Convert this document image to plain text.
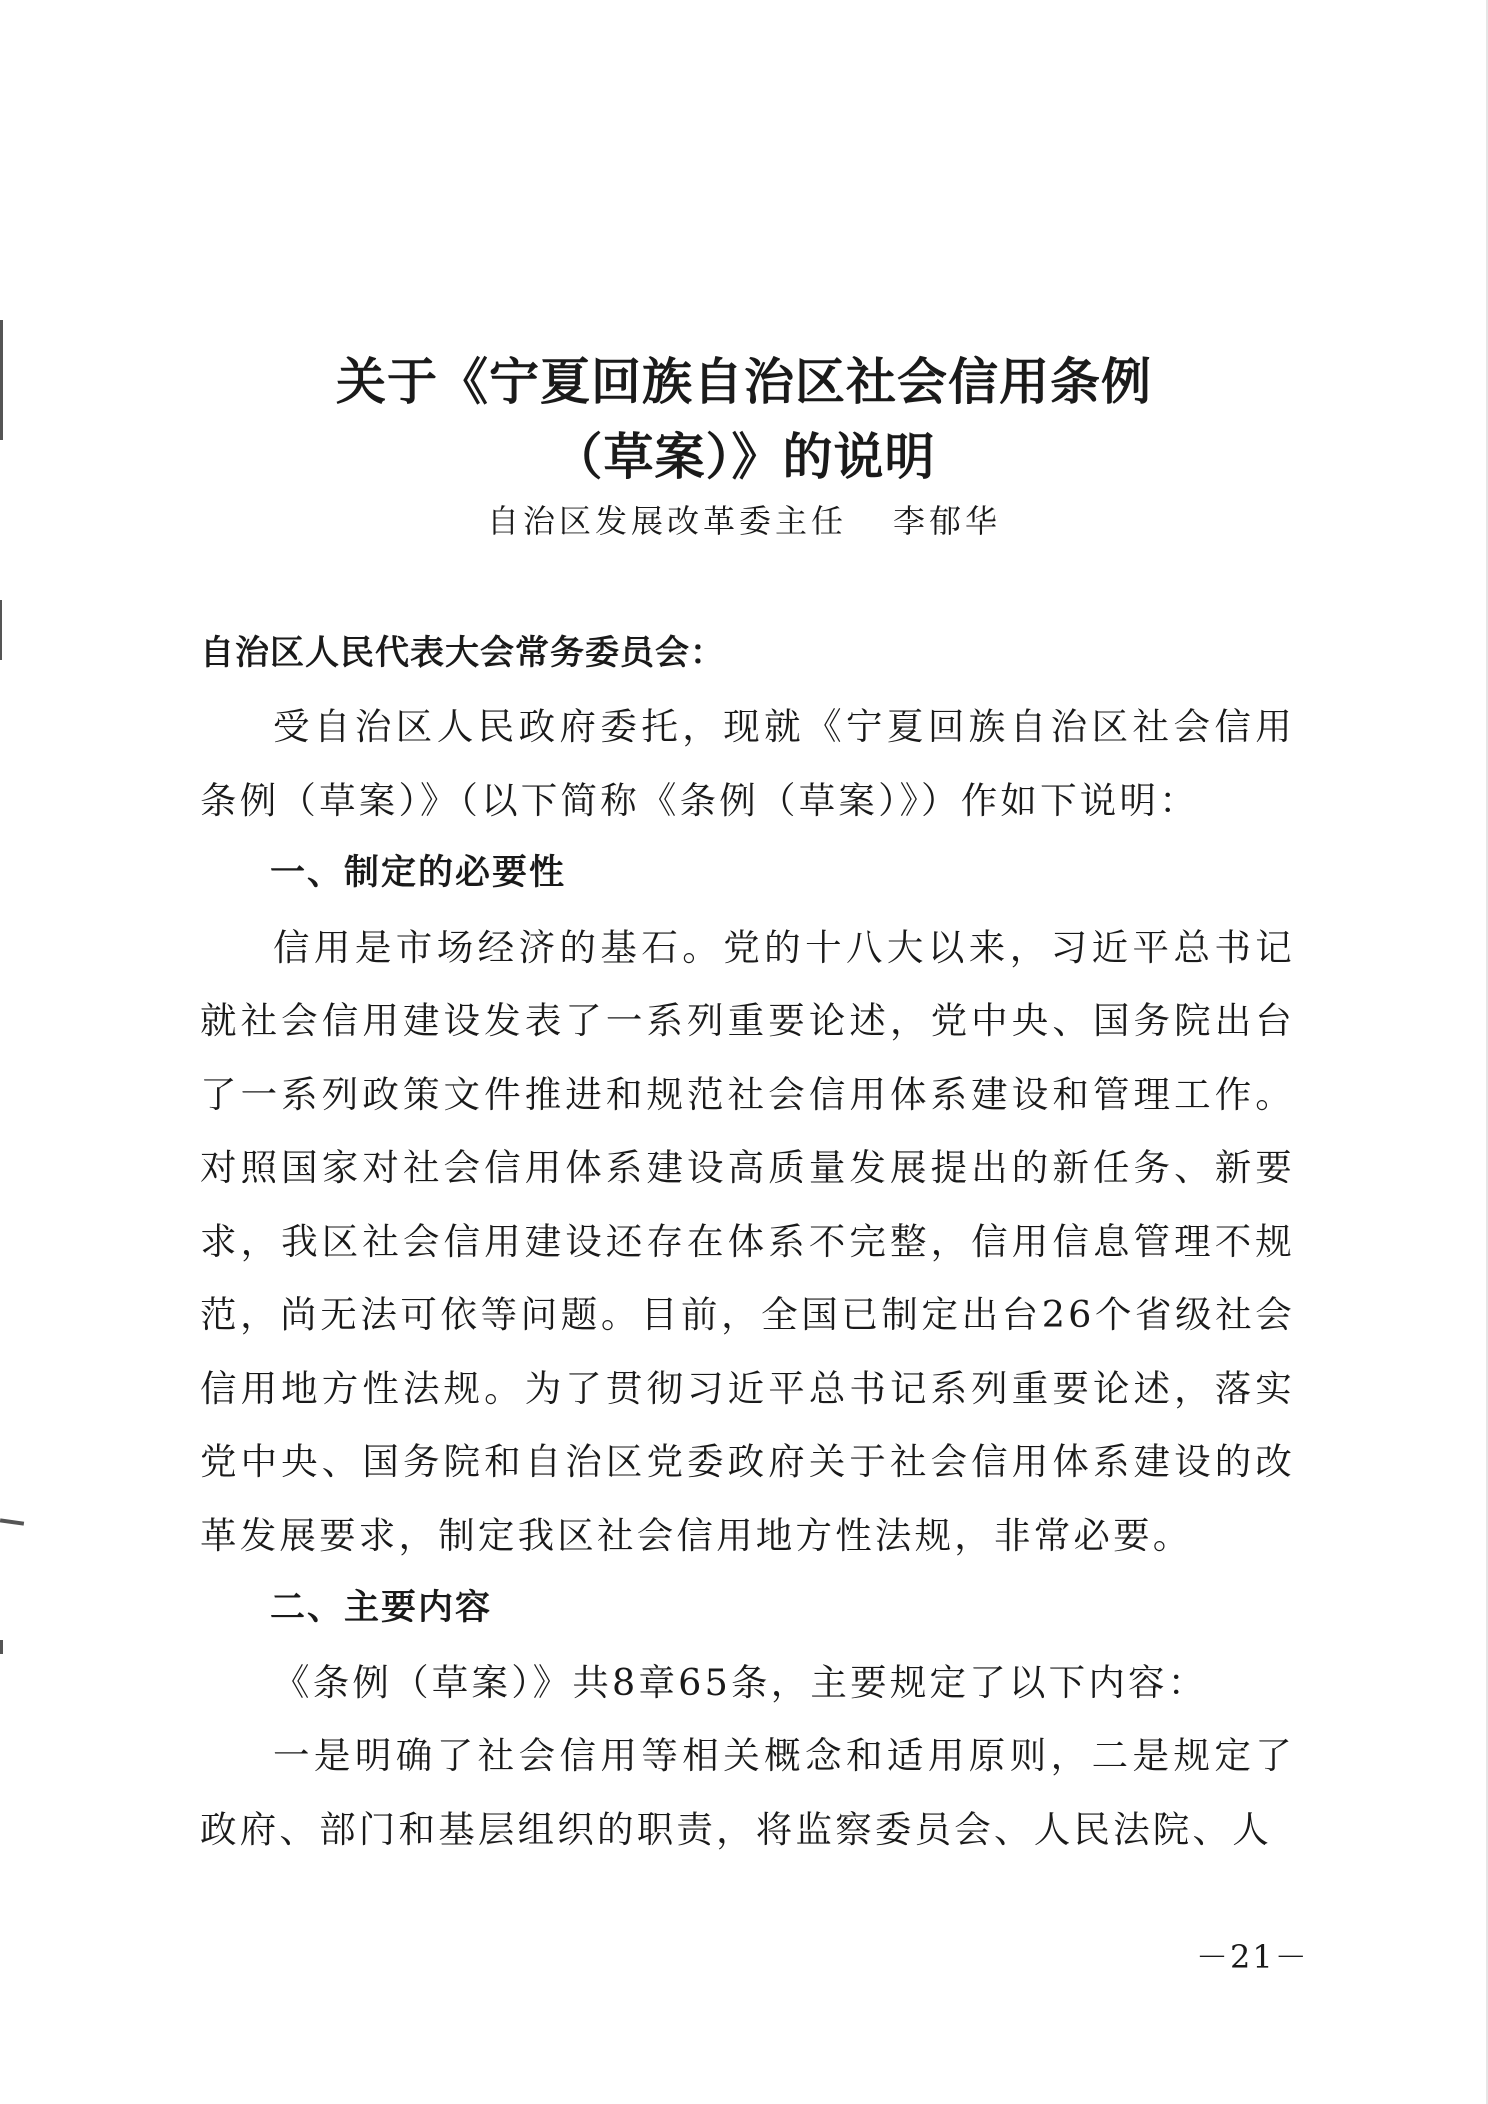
关于《宁夏回族自治区社会信用条例
（草案）》的说明
自治区发展改革委主任 李郁华
自治区人民代表大会常务委员会：

受自治区人民政府委托，现就《宁夏回族自治区社会信用条例（草案）》（以下简称《条例（草案）》）作如下说明：

一、制定的必要性

信用是市场经济的基石。党的十八大以来，习近平总书记就社会信用建设发表了一系列重要论述，党中央、国务院出台了一系列政策文件推进和规范社会信用体系建设和管理工作。对照国家对社会信用体系建设高质量发展提出的新任务、新要求，我区社会信用建设还存在体系不完整，信用信息管理不规范，尚无法可依等问题。目前，全国已制定出台26个省级社会信用地方性法规。为了贯彻习近平总书记系列重要论述，落实党中央、国务院和自治区党委政府关于社会信用体系建设的改革发展要求，制定我区社会信用地方性法规，非常必要。

二、主要内容

《条例（草案）》共8章65条，主要规定了以下内容：

一是明确了社会信用等相关概念和适用原则，二是规定了政府、部门和基层组织的职责，将监察委员会、人民法院、人

－21－
